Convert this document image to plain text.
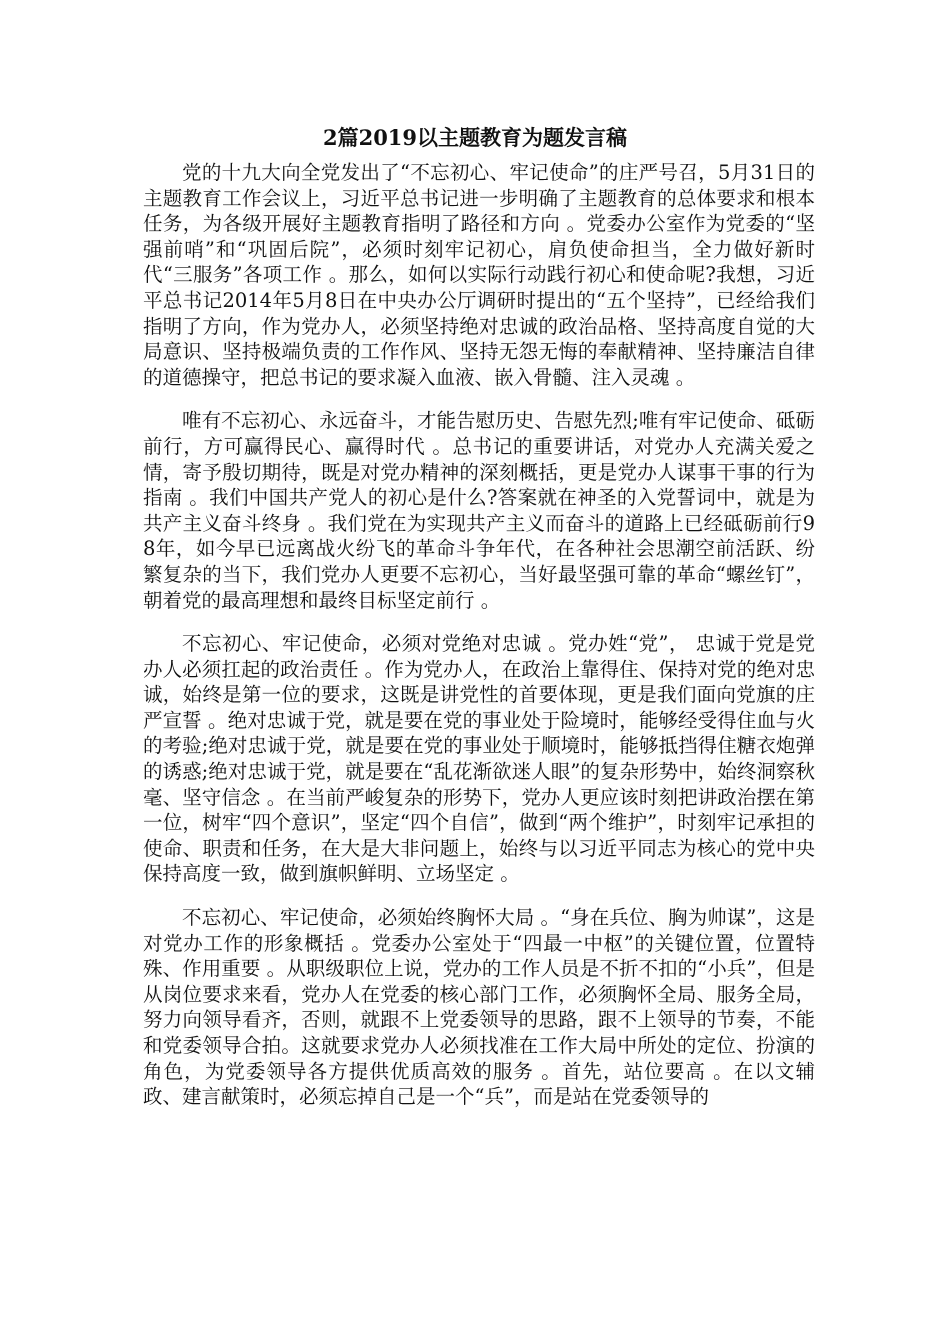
2篇2019以主题教育为题发言稿

党的十九大向全党发出了“不忘初心、牢记使命”的庄严号召，5月31日的主题教育工作会议上，习近平总书记进一步明确了主题教育的总体要求和根本任务，为各级开展好主题教育指明了路径和方向 。党委办公室作为党委的“坚强前哨”和“巩固后院”，必须时刻牢记初心，肩负使命担当，全力做好新时代“三服务”各项工作 。那么，如何以实际行动践行初心和使命呢?我想，习近平总书记2014年5月8日在中央办公厅调研时提出的“五个坚持”，已经给我们指明了方向，作为党办人，必须坚持绝对忠诚的政治品格、坚持高度自觉的大局意识、坚持极端负责的工作作风、坚持无怨无悔的奉献精神、坚持廉洁自律的道德操守，把总书记的要求凝入血液、嵌入骨髓、注入灵魂 。

唯有不忘初心、永远奋斗，才能告慰历史、告慰先烈;唯有牢记使命、砥砺前行，方可赢得民心、赢得时代 。总书记的重要讲话，对党办人充满关爱之情，寄予殷切期待，既是对党办精神的深刻概括，更是党办人谋事干事的行为指南 。我们中国共产党人的初心是什么?答案就在神圣的入党誓词中，就是为共产主义奋斗终身 。我们党在为实现共产主义而奋斗的道路上已经砥砺前行98年，如今早已远离战火纷飞的革命斗争年代，在各种社会思潮空前活跃、纷繁复杂的当下，我们党办人更要不忘初心，当好最坚强可靠的革命“螺丝钉”，朝着党的最高理想和最终目标坚定前行 。

不忘初心、牢记使命，必须对党绝对忠诚 。党办姓“党”， 忠诚于党是党办人必须扛起的政治责任 。作为党办人，在政治上靠得住、保持对党的绝对忠诚，始终是第一位的要求，这既是讲党性的首要体现，更是我们面向党旗的庄严宣誓 。绝对忠诚于党，就是要在党的事业处于险境时，能够经受得住血与火的考验;绝对忠诚于党，就是要在党的事业处于顺境时，能够抵挡得住糖衣炮弹的诱惑;绝对忠诚于党，就是要在“乱花渐欲迷人眼”的复杂形势中，始终洞察秋毫、坚守信念 。在当前严峻复杂的形势下，党办人更应该时刻把讲政治摆在第一位，树牢“四个意识”，坚定“四个自信”，做到“两个维护”，时刻牢记承担的使命、职责和任务，在大是大非问题上，始终与以习近平同志为核心的党中央保持高度一致，做到旗帜鲜明、立场坚定 。

不忘初心、牢记使命，必须始终胸怀大局 。“身在兵位、胸为帅谋”，这是对党办工作的形象概括 。党委办公室处于“四最一中枢”的关键位置，位置特殊、作用重要 。从职级职位上说，党办的工作人员是不折不扣的“小兵”，但是从岗位要求来看，党办人在党委的核心部门工作，必须胸怀全局、服务全局，努力向领导看齐，否则，就跟不上党委领导的思路，跟不上领导的节奏，不能和党委领导合拍。这就要求党办人必须找准在工作大局中所处的定位、扮演的角色，为党委领导各方提供优质高效的服务 。首先，站位要高 。在以文辅政、建言献策时，必须忘掉自己是一个“兵”，而是站在党委领导的
